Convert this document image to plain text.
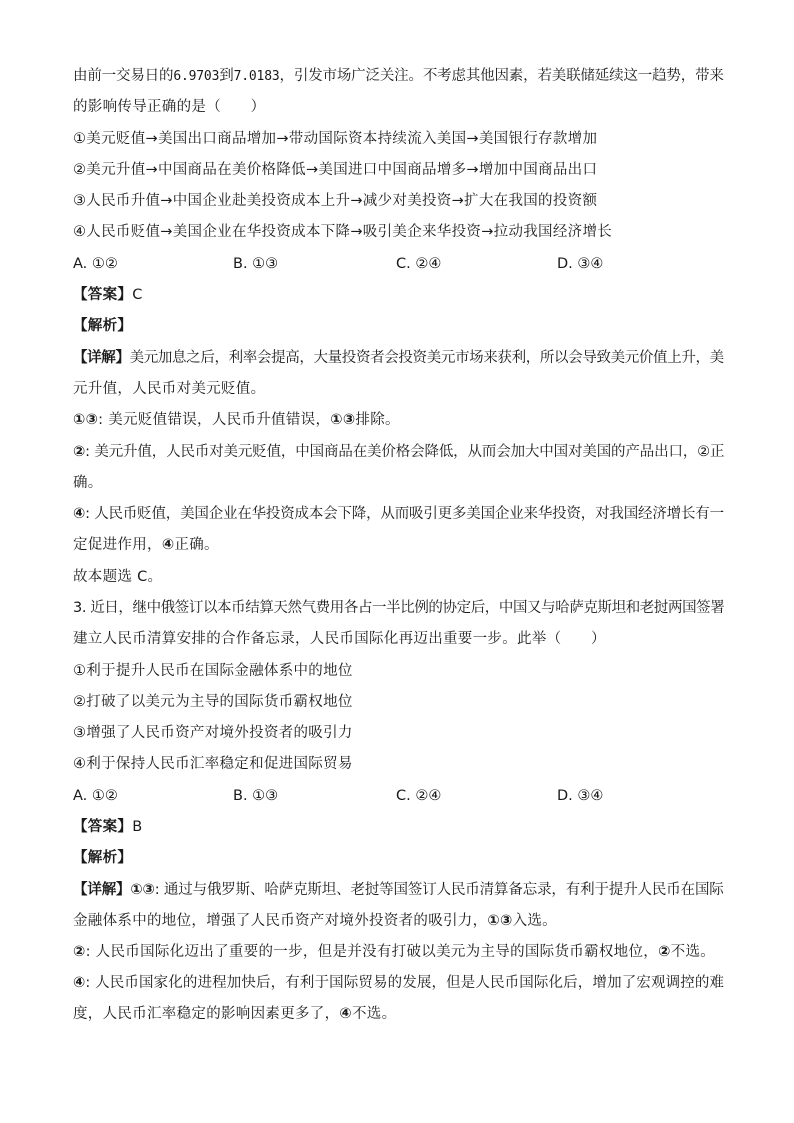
由前一交易日的6.9703到7.0183，引发市场广泛关注。不考虑其他因素，若美联储延续这一趋势，带来
的影响传导正确的是（　　）
①美元贬值→美国出口商品增加→带动国际资本持续流入美国→美国银行存款增加
②美元升值→中国商品在美价格降低→美国进口中国商品增多→增加中国商品出口
③人民币升值→中国企业赴美投资成本上升→减少对美投资→扩大在我国的投资额
④人民币贬值→美国企业在华投资成本下降→吸引美企来华投资→拉动我国经济增长
A. ①②	B. ①③	C. ②④	D. ③④
【答案】C
【解析】
【详解】美元加息之后，利率会提高，大量投资者会投资美元市场来获利，所以会导致美元价值上升，美
元升值，人民币对美元贬值。
①③: 美元贬值错误，人民币升值错误，①③排除。
②: 美元升值，人民币对美元贬值，中国商品在美价格会降低，从而会加大中国对美国的产品出口，②正
确。
④: 人民币贬值，美国企业在华投资成本会下降，从而吸引更多美国企业来华投资，对我国经济增长有一
定促进作用，④正确。
故本题选 C。
3. 近日，继中俄签订以本币结算天然气费用各占一半比例的协定后，中国又与哈萨克斯坦和老挝两国签署
建立人民币清算安排的合作备忘录，人民币国际化再迈出重要一步。此举（　　）
①利于提升人民币在国际金融体系中的地位
②打破了以美元为主导的国际货币霸权地位
③增强了人民币资产对境外投资者的吸引力
④利于保持人民币汇率稳定和促进国际贸易
A. ①②	B. ①③	C. ②④	D. ③④
【答案】B
【解析】
【详解】①③: 通过与俄罗斯、哈萨克斯坦、老挝等国签订人民币清算备忘录，有利于提升人民币在国际
金融体系中的地位，增强了人民币资产对境外投资者的吸引力，①③入选。
②: 人民币国际化迈出了重要的一步，但是并没有打破以美元为主导的国际货币霸权地位，②不选。
④: 人民币国家化的进程加快后，有利于国际贸易的发展，但是人民币国际化后，增加了宏观调控的难
度，人民币汇率稳定的影响因素更多了，④不选。
